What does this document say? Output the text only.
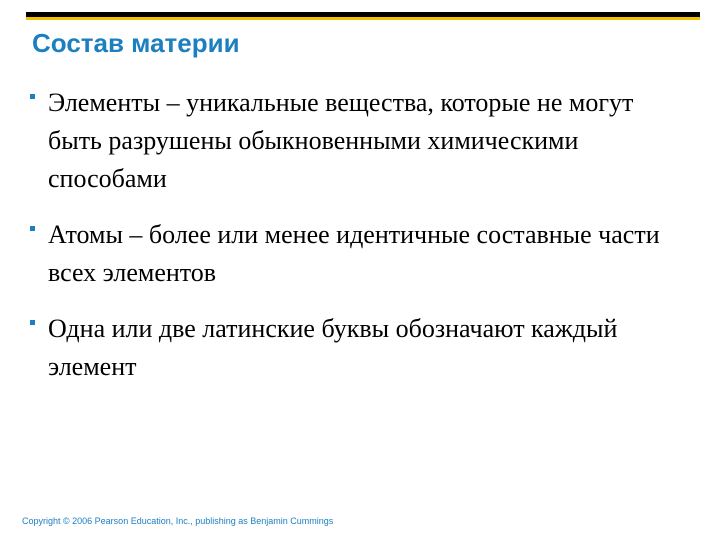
Состав материи
Элементы – уникальные вещества, которые не могут быть разрушены обыкновенными химическими способами
Атомы – более или менее идентичные составные части всех элементов
Одна или две латинские буквы обозначают каждый элемент
Copyright © 2006 Pearson Education, Inc., publishing as Benjamin Cummings
